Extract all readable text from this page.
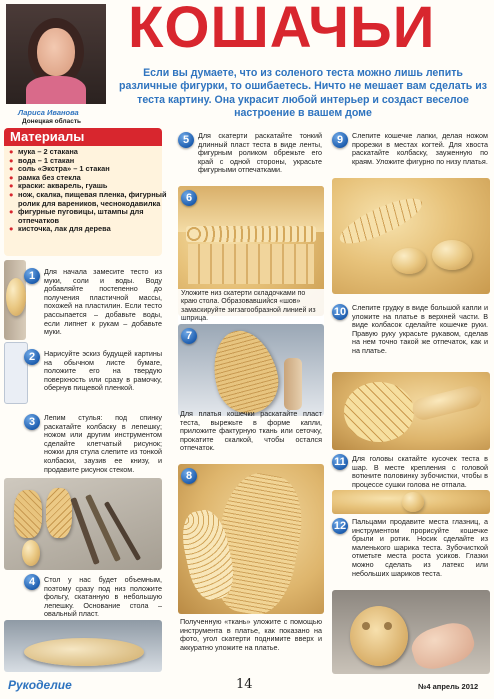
Лариса Иванова
Донецкая область
КОШАЧЬИ
Если вы думаете, что из соленого теста можно лишь лепить различные фигурки, то ошибаетесь. Ничто не мешает вам сделать из теста картину. Она украсит любой интерьер и создаст веселое настроение в вашем доме
Материалы
● мука – 2 стакана
● вода – 1 стакан
● соль «Экстра» – 1 стакан
● рамка без стекла
● краски: акварель, гуашь
● нож, скалка, пищевая пленка, фигурный ролик для вареников, чеснокодавилка
● фигурные пуговицы, штампы для отпечатков
● кисточка, лак для дерева
1	Для начала замесите тесто из муки, соли и воды. Воду добавляйте постепенно до получения пластичной массы, похожей на пластилин. Если тесто рассыпается – добавьте воды, если липнет к рукам – добавьте муки.
2	Нарисуйте эскиз будущей картины на обычном листе бумаге, положите его на твердую поверхность или сразу в рамочку, обернув пищевой пленкой.
3	Лепим стулья: под спинку раскатайте колбаску в лепешку; ножом или другим инструментом сделайте клетчатый рисунок; ножки для стула слепите из тонкой колбаски, заузив ее книзу, и продавите рисунок стеком.
4	Стол у нас будет объемным, поэтому сразу под низ положите фольгу, скатанную в небольшую лепешку. Основание стола – овальный пласт.
5	Для скатерти раскатайте тонкий длинный пласт теста в виде ленты, фигурным роликом обрежьте его край с одной стороны, украсьте фигурными отпечатками.
6
Уложите низ скатерти складочками по краю стола. Образовавшийся «шов» замаскируйте зигзагообразной линией из шприца.
7
Для платья кошечки раскатайте пласт теста, вырежьте в форме капли, приложите фактурную ткань или сеточку, прокатите скалкой, чтобы остался отпечаток.
8
Полученную «ткань» уложите с помощью инструмента в платье, как показано на фото, угол скатерти поднимите вверх и аккуратно уложите на платье.
9	Слепите кошечке лапки, делая ножом прорезки в местах когтей. Для хвоста раскатайте колбаску, зауженную по краям. Уложите фигурно по низу платья.
10 Слепите грудку в виде большой капли и уложите на платье в верхней части. В виде колбасок сделайте кошечке руки. Правую руку украсьте рукавом, сделав на нем точно такой же отпечаток, как и на платье.
11 Для головы скатайте кусочек теста в шар. В месте крепления с головой воткните половинку зубочистки, чтобы в процессе сушки голова не отпала.
12 Пальцами продавите места глазниц, а инструментом прорисуйте кошечке брыли и ротик. Носик сделайте из маленького шарика теста. Зубочисткой отметьте места роста усиков. Глазки можно сделать из латекс или небольших шариков теста.
Рукоделие	14	№4 апрель 2012
